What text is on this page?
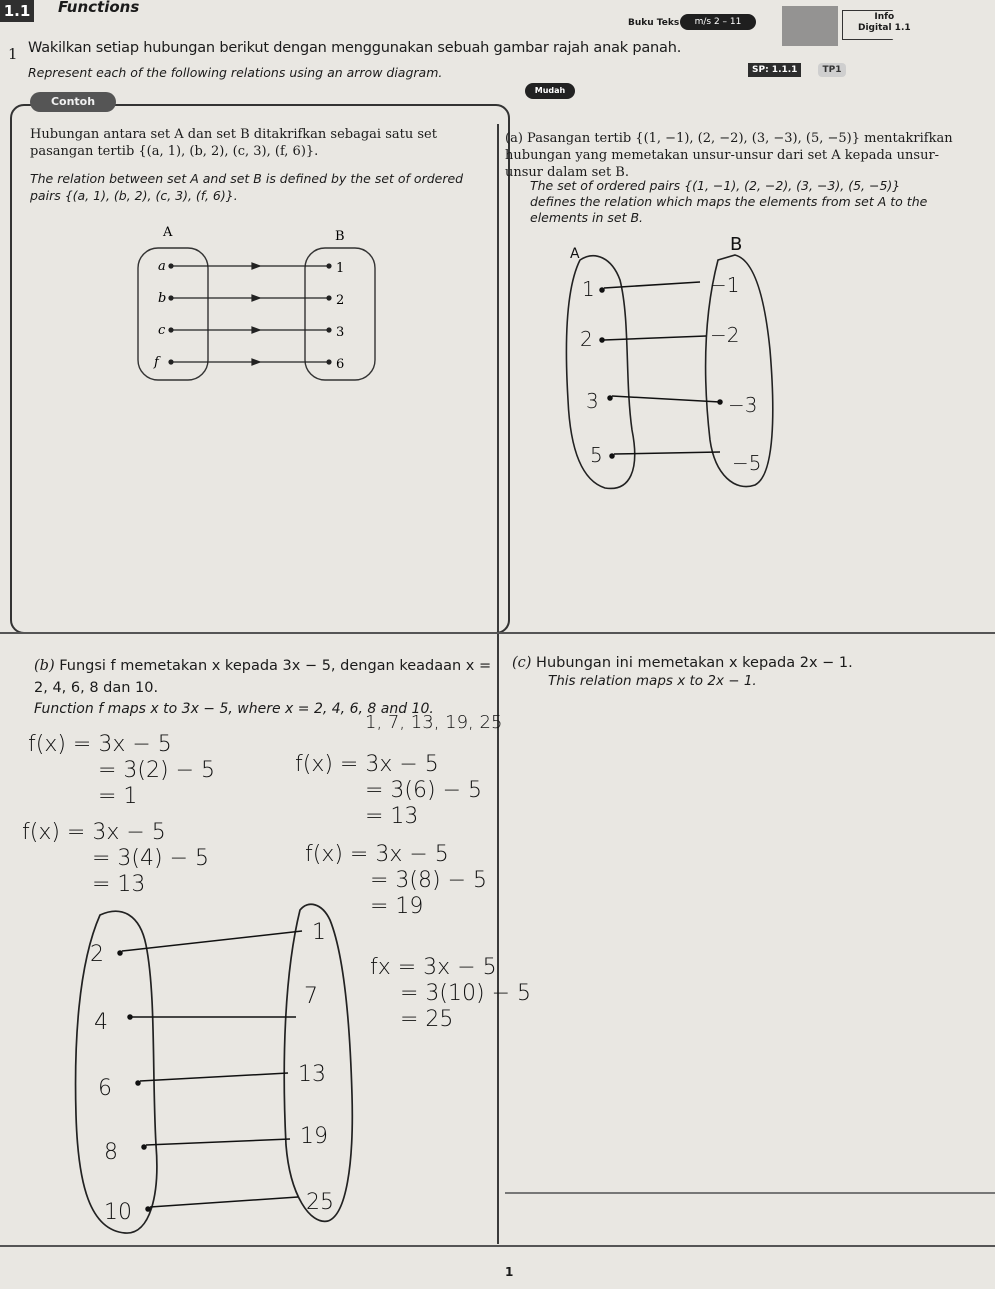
1.1 Functions
Buku Teks	m/s 2 – 11	Info
Digital 1.1
1 Wakilkan setiap hubungan berikut dengan menggunakan sebuah gambar rajah anak panah.
Represent each of the following relations using an arrow diagram.	SP: 1.1.1	TP1
Mudah
Contoh
Hubungan antara set A dan set B ditakrifkan sebagai satu set pasangan tertib {(a, 1), (b, 2), (c, 3), (f, 6)}.
The relation between set A and set B is defined by the set of ordered pairs {(a, 1), (b, 2), (c, 3), (f, 6)}.
A	B
a
b
c
f
1
2
3
6
(a) Pasangan tertib {(1, −1), (2, −2), (3, −3), (5, −5)} mentakrifkan hubungan yang memetakan unsur-unsur dari set A kepada unsur-unsur dalam set B.
The set of ordered pairs {(1, −1), (2, −2), (3, −3), (5, −5)} defines the relation which maps the elements from set A to the elements in set B.
A	B
1
2
3
5
−1
−2
−3
−5
(b) Fungsi f memetakan x kepada 3x − 5, dengan keadaan x = 2, 4, 6, 8 dan 10.
Function f maps x to 3x − 5, where x = 2, 4, 6, 8 and 10.
1, 7, 13, 19, 25
f(x) = 3x − 5
= 3(2) − 5
= 1
f(x) = 3x − 5
= 3(4) − 5
= 13
f(x) = 3x − 5
= 3(6) − 5
= 13
f(x) = 3x − 5
= 3(8) − 5
= 19
fx = 3x − 5
= 3(10) − 5
= 25
2
4
6
8
10
1
7
13
19
25
(c) Hubungan ini memetakan x kepada 2x − 1.
This relation maps x to 2x − 1.
1
